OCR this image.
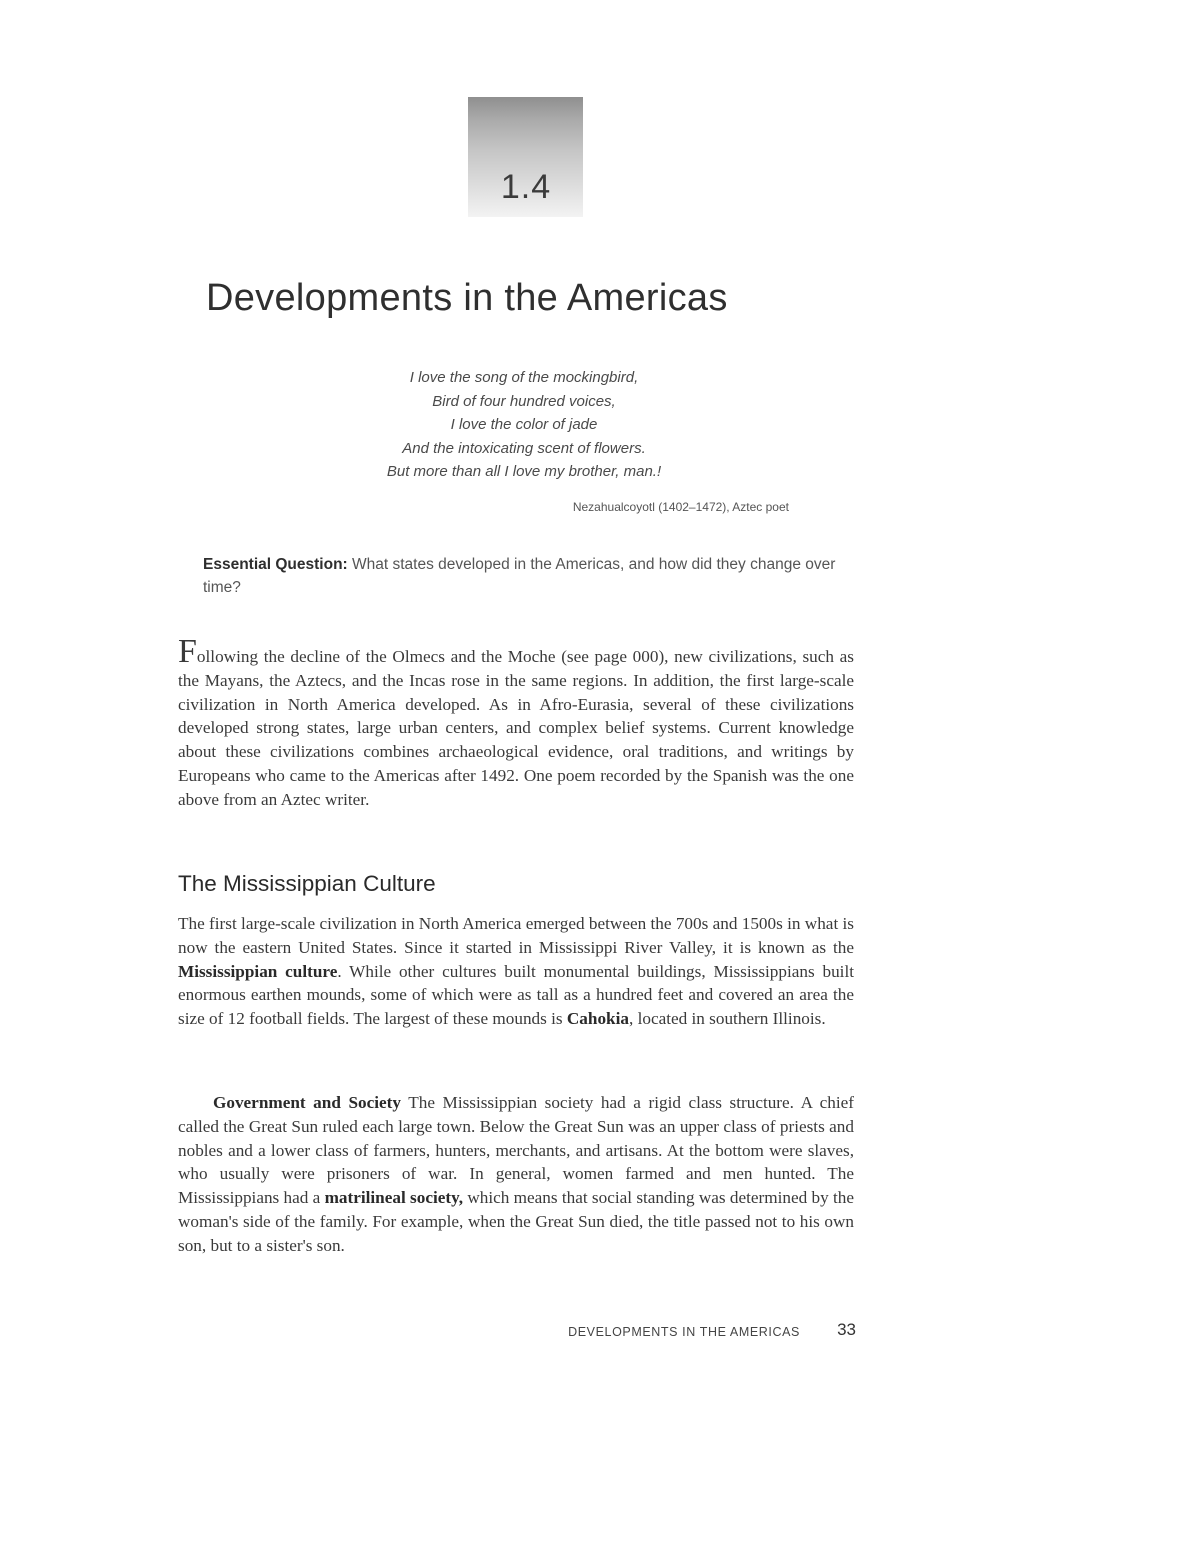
1.4
Developments in the Americas
I love the song of the mockingbird,
Bird of four hundred voices,
I love the color of jade
And the intoxicating scent of flowers.
But more than all I love my brother, man.!
Nezahualcoyotl (1402–1472), Aztec poet
Essential Question: What states developed in the Americas, and how did they change over time?

Following the decline of the Olmecs and the Moche (see page 000), new civilizations, such as the Mayans, the Aztecs, and the Incas rose in the same regions. In addition, the first large-scale civilization in North America developed. As in Afro-Eurasia, several of these civilizations developed strong states, large urban centers, and complex belief systems. Current knowledge about these civilizations combines archaeological evidence, oral traditions, and writings by Europeans who came to the Americas after 1492. One poem recorded by the Spanish was the one above from an Aztec writer.

The Mississippian Culture

The first large-scale civilization in North America emerged between the 700s and 1500s in what is now the eastern United States. Since it started in Mississippi River Valley, it is known as the Mississippian culture. While other cultures built monumental buildings, Mississippians built enormous earthen mounds, some of which were as tall as a hundred feet and covered an area the size of 12 football fields. The largest of these mounds is Cahokia, located in southern Illinois.

Government and Society The Mississippian society had a rigid class structure. A chief called the Great Sun ruled each large town. Below the Great Sun was an upper class of priests and nobles and a lower class of farmers, hunters, merchants, and artisans. At the bottom were slaves, who usually were prisoners of war. In general, women farmed and men hunted. The Mississippians had a matrilineal society, which means that social standing was determined by the woman's side of the family. For example, when the Great Sun died, the title passed not to his own son, but to a sister's son.

DEVELOPMENTS IN THE AMERICAS	33
